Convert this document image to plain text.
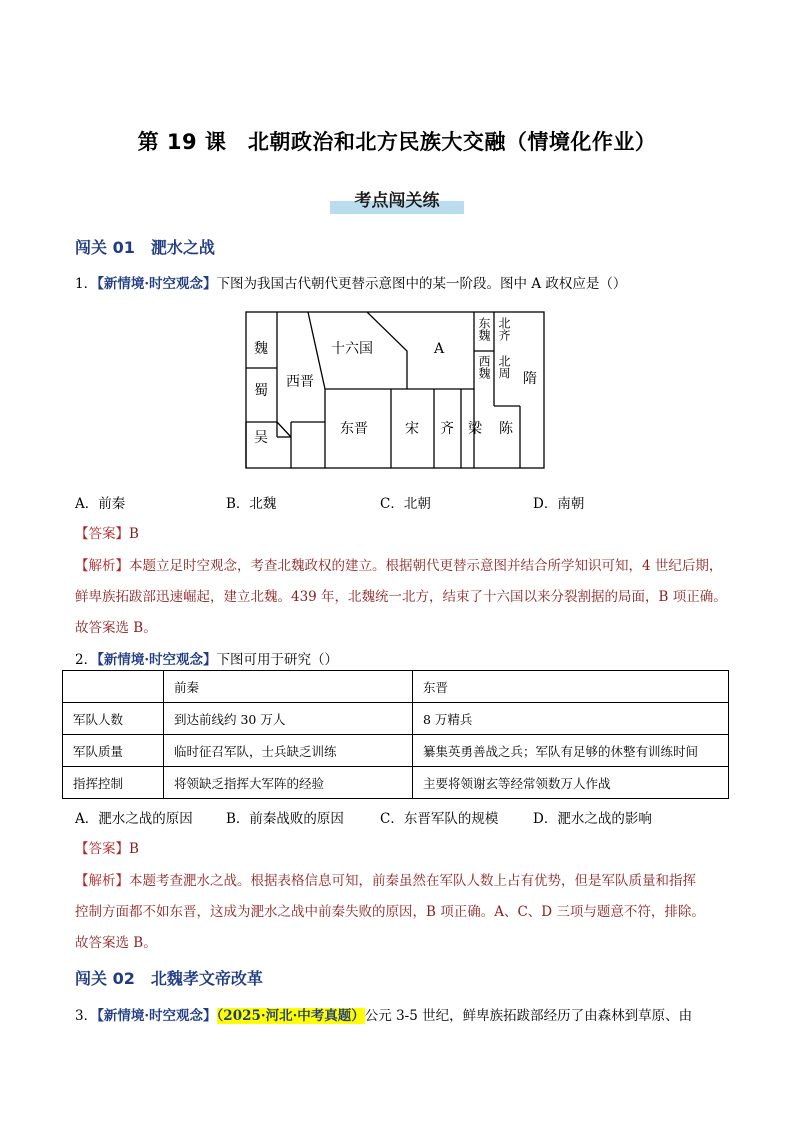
第 19 课　北朝政治和北方民族大交融（情境化作业）
考点闯关练
闯关 01　淝水之战
1．【新情境·时空观念】下图为我国古代朝代更替示意图中的某一阶段。图中 A 政权应是（）
魏
蜀
吴
西晋
十六国	A
东晋	宋 齐 梁 陈
隋
东魏
西魏
北齐
北周
A．前秦	B．北魏	C．北朝	D．南朝
【答案】B
【解析】本题立足时空观念，考查北魏政权的建立。根据朝代更替示意图并结合所学知识可知，4 世纪后期，
鲜卑族拓跋部迅速崛起，建立北魏。439 年，北魏统一北方，结束了十六国以来分裂割据的局面，B 项正确。
故答案选 B。
2．【新情境·时空观念】下图可用于研究（）
	前秦	东晋
军队人数	到达前线约 30 万人	8 万精兵
军队质量	临时征召军队，士兵缺乏训练	纂集英勇善战之兵；军队有足够的休整有训练时间
指挥控制	将领缺乏指挥大军阵的经验	主要将领谢玄等经常领数万人作战
A．淝水之战的原因 B．前秦战败的原因	C．东晋军队的规模	D．淝水之战的影响
【答案】B
【解析】本题考查淝水之战。根据表格信息可知，前秦虽然在军队人数上占有优势，但是军队质量和指挥
控制方面都不如东晋，这成为淝水之战中前秦失败的原因，B 项正确。A、C、D 三项与题意不符，排除。
故答案选 B。
闯关 02　北魏孝文帝改革
3．【新情境·时空观念】（2025·河北·中考真题）公元 3-5 世纪，鲜卑族拓跋部经历了由森林到草原、由
